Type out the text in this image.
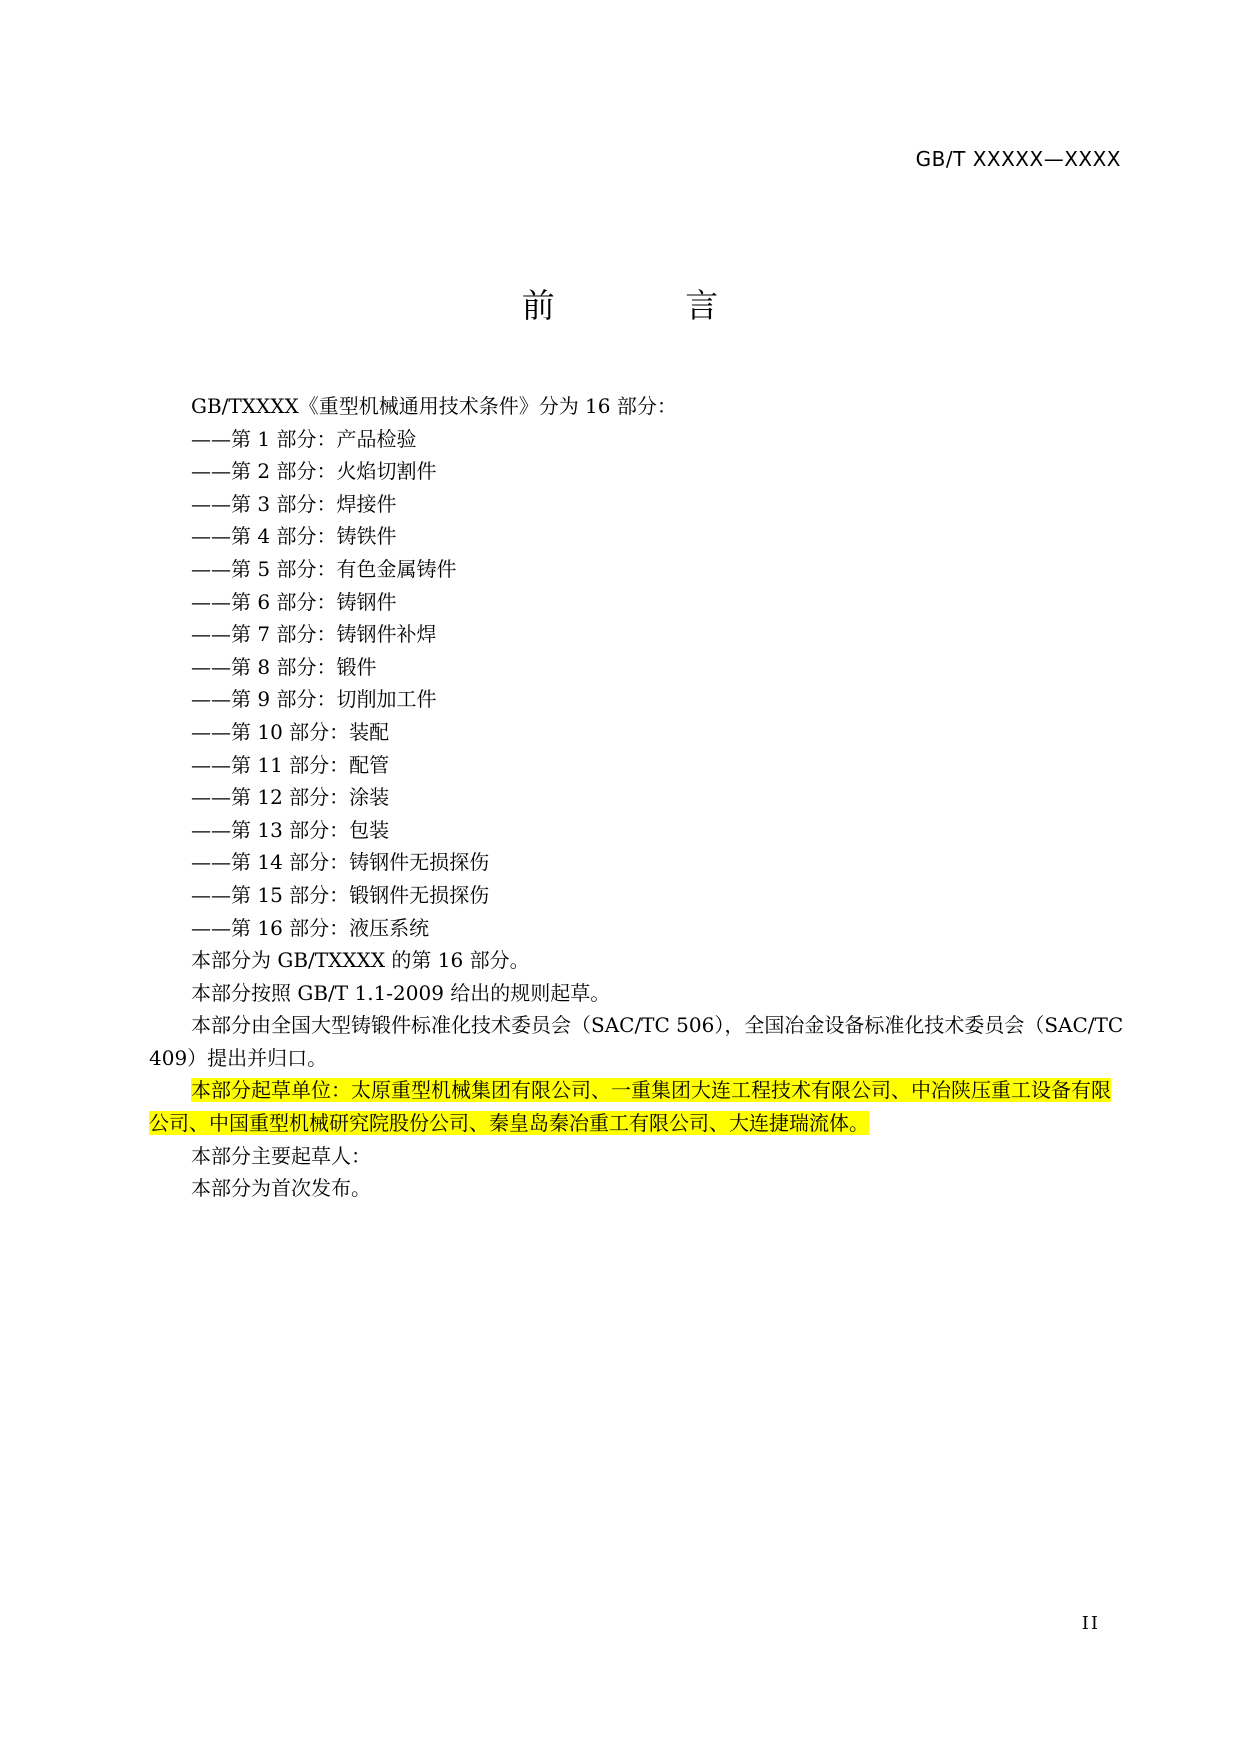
GB/T XXXXX—XXXX
前 言

GB/TXXXX《重型机械通用技术条件》分为 16 部分：

——第 1 部分：产品检验

——第 2 部分：火焰切割件

——第 3 部分：焊接件

——第 4 部分：铸铁件

——第 5 部分：有色金属铸件

——第 6 部分：铸钢件

——第 7 部分：铸钢件补焊

——第 8 部分：锻件

——第 9 部分：切削加工件

——第 10 部分：装配

——第 11 部分：配管

——第 12 部分：涂装

——第 13 部分：包装

——第 14 部分：铸钢件无损探伤

——第 15 部分：锻钢件无损探伤

——第 16 部分：液压系统

本部分为 GB/TXXXX 的第 16 部分。

本部分按照 GB/T 1.1-2009 给出的规则起草。

本部分由全国大型铸锻件标准化技术委员会（SAC/TC 506），全国冶金设备标准化技术委员会（SAC/TC 409）提出并归口。

本部分起草单位：太原重型机械集团有限公司、一重集团大连工程技术有限公司、中冶陕压重工设备有限公司、中国重型机械研究院股份公司、秦皇岛秦冶重工有限公司、大连捷瑞流体。

本部分主要起草人：

本部分为首次发布。

II
